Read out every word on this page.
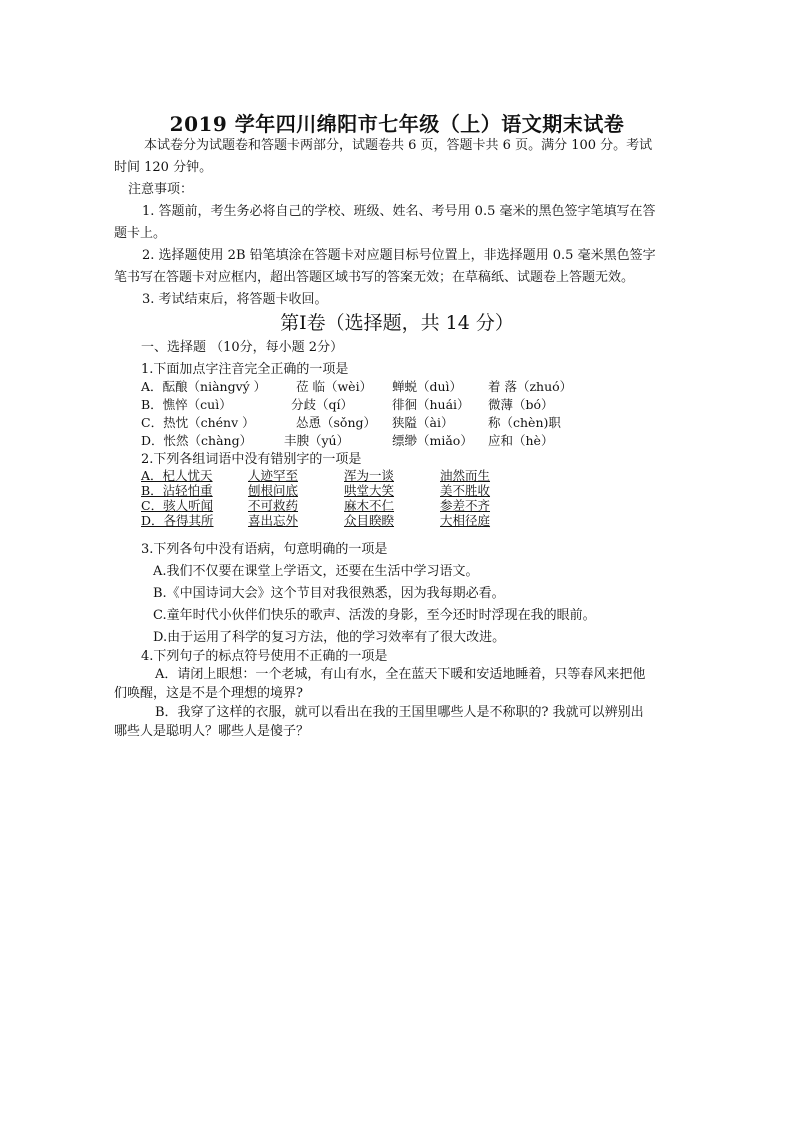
2019 学年四川绵阳市七年级（上）语文期末试卷
本试卷分为试题卷和答题卡两部分，试题卷共 6 页，答题卡共 6 页。满分 100 分。考试
时间 120 分钟。
注意事项：
1. 答题前，考生务必将自己的学校、班级、姓名、考号用 0.5 毫米的黑色签字笔填写在答
题卡上。
2. 选择题使用 2B 铅笔填涂在答题卡对应题目标号位置上，非选择题用 0.5 毫米黑色签字
笔书写在答题卡对应框内，超出答题区域书写的答案无效；在草稿纸、试题卷上答题无效。
3. 考试结束后，将答题卡收回。
第Ⅰ卷（选择题，共 14 分）
一、选择题 （10分，每小题 2分）
1.下面加点字注音完全正确的一项是
A．酝酿（niàngvý ） 莅 临（wèi） 蝉蜕（duì） 着 落（zhuó）
B．憔悴（cuì）	分歧（qí）	徘徊（huái） 微薄（bó）
C．热忱（chénv ）	怂恿（sǒng） 狭隘（ài）	称（chèn)职
D．怅然（chàng）	丰腴（yú）	缥缈（miǎo） 应和（hè）
2.下列各组词语中没有错别字的一项是
A．杞人忧天	人迹罕至	浑为一谈	油然而生
B．沾轻怕重	刨根问底	哄堂大笑	美不胜收
C．骇人听闻	不可救药	麻木不仁	参差不齐
D．各得其所	喜出忘外	众目睽睽	大相径庭
3.下列各句中没有语病，句意明确的一项是
A.我们不仅要在课堂上学语文，还要在生活中学习语文。
B.《中国诗词大会》这个节目对我很熟悉，因为我每期必看。
C.童年时代小伙伴们快乐的歌声、活泼的身影，至今还时时浮现在我的眼前。
D.由于运用了科学的复习方法，他的学习效率有了很大改进。
4.下列句子的标点符号使用不正确的一项是
A．请闭上眼想：一个老城，有山有水，全在蓝天下暖和安适地睡着，只等春风来把他
们唤醒，这是不是个理想的境界?
B．我穿了这样的衣服，就可以看出在我的王国里哪些人是不称职的? 我就可以辨别出
哪些人是聪明人？哪些人是傻子？
